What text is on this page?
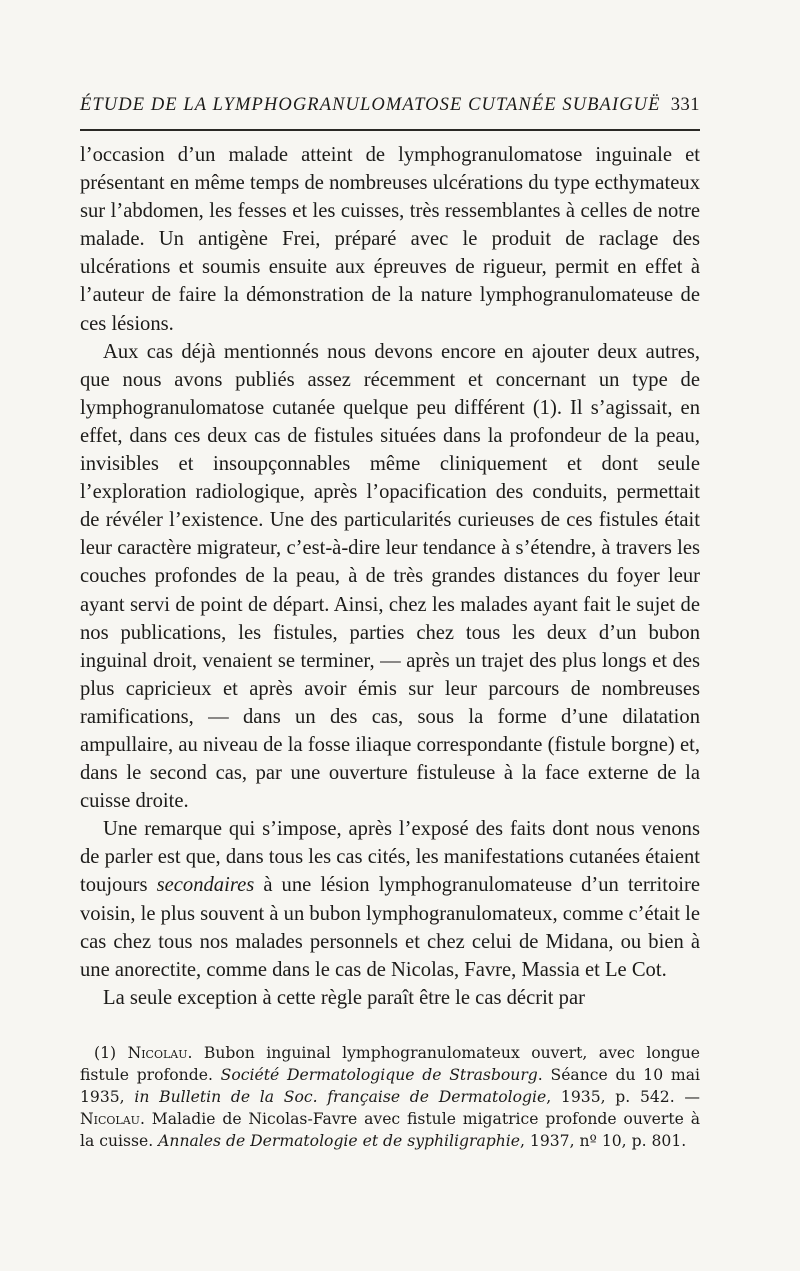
ÉTUDE DE LA LYMPHOGRANULOMATOSE CUTANÉE SUBAIGUË 331

l’occasion d’un malade atteint de lymphogranulomatose inguinale et présentant en même temps de nombreuses ulcérations du type ecthymateux sur l’abdomen, les fesses et les cuisses, très ressemblantes à celles de notre malade. Un antigène Frei, préparé avec le produit de raclage des ulcérations et soumis ensuite aux épreuves de rigueur, permit en effet à l’auteur de faire la démonstration de la nature lymphogranulomateuse de ces lésions.

Aux cas déjà mentionnés nous devons encore en ajouter deux autres, que nous avons publiés assez récemment et concernant un type de lymphogranulomatose cutanée quelque peu différent (1). Il s’agissait, en effet, dans ces deux cas de fistules situées dans la profondeur de la peau, invisibles et insoupçonnables même cliniquement et dont seule l’exploration radiologique, après l’opacification des conduits, permettait de révéler l’existence. Une des particularités curieuses de ces fistules était leur caractère migrateur, c’est-à-dire leur tendance à s’étendre, à travers les couches profondes de la peau, à de très grandes distances du foyer leur ayant servi de point de départ. Ainsi, chez les malades ayant fait le sujet de nos publications, les fistules, parties chez tous les deux d’un bubon inguinal droit, venaient se terminer, — après un trajet des plus longs et des plus capricieux et après avoir émis sur leur parcours de nombreuses ramifications, — dans un des cas, sous la forme d’une dilatation ampullaire, au niveau de la fosse iliaque correspondante (fistule borgne) et, dans le second cas, par une ouverture fistuleuse à la face externe de la cuisse droite.

Une remarque qui s’impose, après l’exposé des faits dont nous venons de parler est que, dans tous les cas cités, les manifestations cutanées étaient toujours secondaires à une lésion lymphogranulomateuse d’un territoire voisin, le plus souvent à un bubon lymphogranulomateux, comme c’était le cas chez tous nos malades personnels et chez celui de Midana, ou bien à une anorectite, comme dans le cas de Nicolas, Favre, Massia et Le Cot.

La seule exception à cette règle paraît être le cas décrit par

(1) Nicolau. Bubon inguinal lymphogranulomateux ouvert, avec longue fistule profonde. Société Dermatologique de Strasbourg. Séance du 10 mai 1935, in Bulletin de la Soc. française de Dermatologie, 1935, p. 542. — Nicolau. Maladie de Nicolas-Favre avec fistule migatrice profonde ouverte à la cuisse. Annales de Dermatologie et de syphiligraphie, 1937, nº 10, p. 801.
